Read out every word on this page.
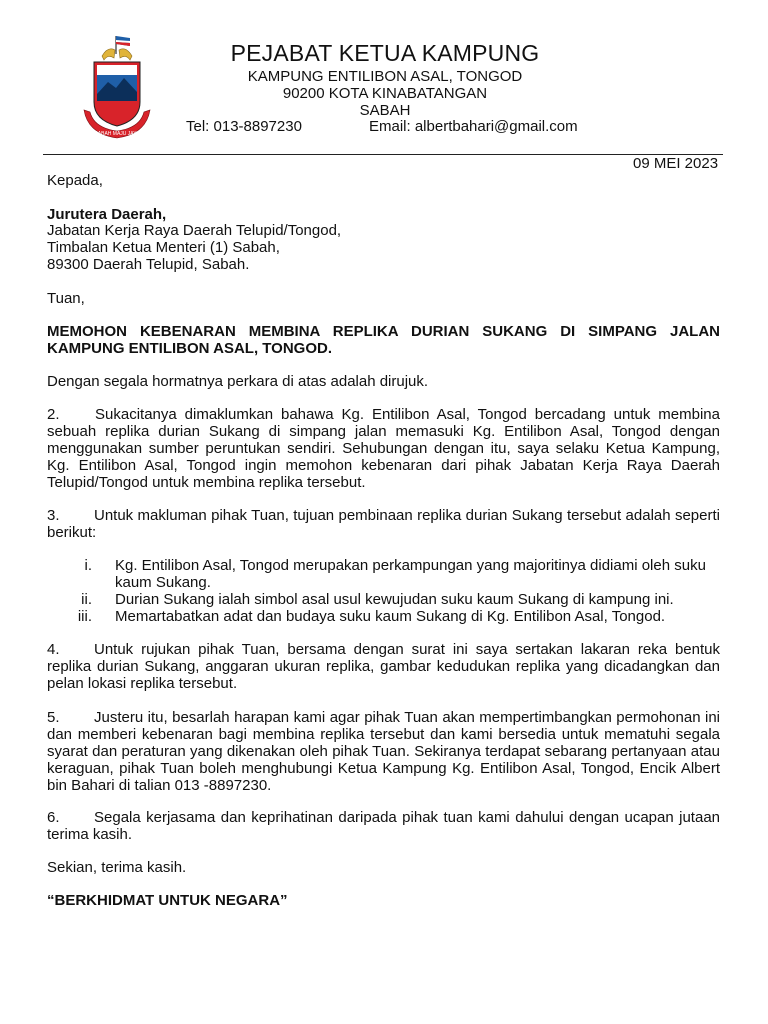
SABAH MAJU JAYA
PEJABAT KETUA KAMPUNG
KAMPUNG ENTILIBON ASAL, TONGOD
90200 KOTA KINABATANGAN
SABAH
Tel: 013-8897230	Email: albertbahari@gmail.com
09 MEI 2023
Kepada,
Jurutera Daerah,
Jabatan Kerja Raya Daerah Telupid/Tongod,
Timbalan Ketua Menteri (1) Sabah,
89300 Daerah Telupid, Sabah.
Tuan,
MEMOHON KEBENARAN MEMBINA REPLIKA DURIAN SUKANG DI SIMPANG JALAN
KAMPUNG ENTILIBON ASAL, TONGOD.
Dengan segala hormatnya perkara di atas adalah dirujuk.

2. Sukacitanya dimaklumkan bahawa Kg. Entilibon Asal, Tongod bercadang untuk membina sebuah replika durian Sukang di simpang jalan memasuki Kg. Entilibon Asal, Tongod dengan menggunakan sumber peruntukan sendiri. Sehubungan dengan itu, saya selaku Ketua Kampung, Kg. Entilibon Asal, Tongod ingin memohon kebenaran dari pihak Jabatan Kerja Raya Daerah Telupid/Tongod untuk membina replika tersebut.

3. Untuk makluman pihak Tuan, tujuan pembinaan replika durian Sukang tersebut adalah seperti berikut:

i. Kg. Entilibon Asal, Tongod merupakan perkampungan yang majoritinya didiami oleh suku
kaum Sukang.
ii. Durian Sukang ialah simbol asal usul kewujudan suku kaum Sukang di kampung ini.
iii. Memartabatkan adat dan budaya suku kaum Sukang di Kg. Entilibon Asal, Tongod.

4. Untuk rujukan pihak Tuan, bersama dengan surat ini saya sertakan lakaran reka bentuk replika durian Sukang, anggaran ukuran replika, gambar kedudukan replika yang dicadangkan dan pelan lokasi replika tersebut.

5. Justeru itu, besarlah harapan kami agar pihak Tuan akan mempertimbangkan permohonan ini dan memberi kebenaran bagi membina replika tersebut dan kami bersedia untuk mematuhi segala syarat dan peraturan yang dikenakan oleh pihak Tuan. Sekiranya terdapat sebarang pertanyaan atau keraguan, pihak Tuan boleh menghubungi Ketua Kampung Kg. Entilibon Asal, Tongod, Encik Albert bin Bahari di talian 013 -8897230.

6. Segala kerjasama dan keprihatinan daripada pihak tuan kami dahului dengan ucapan jutaan terima kasih.

Sekian, terima kasih.
“BERKHIDMAT UNTUK NEGARA”
